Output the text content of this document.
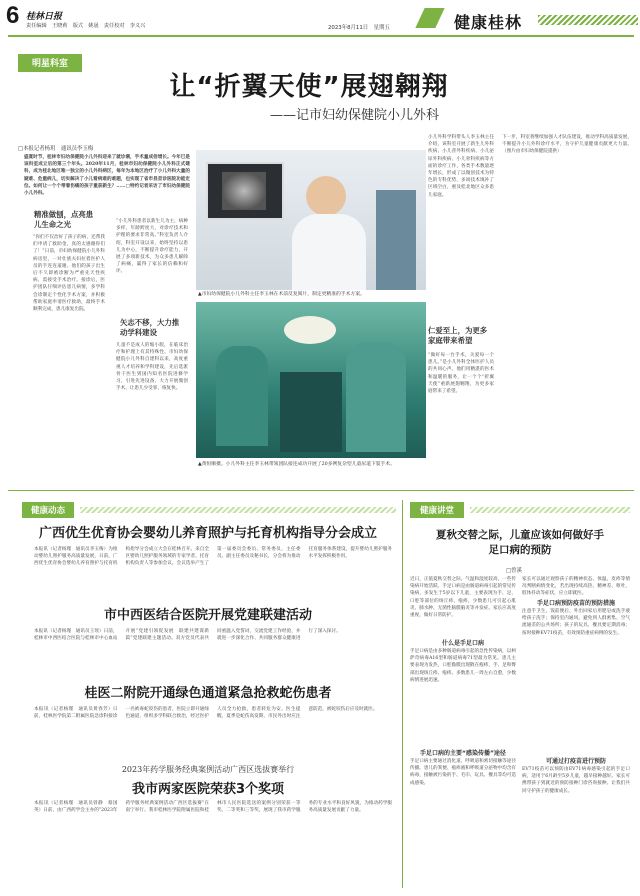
6 桂林日报
责任编辑　王晓莉　版式　姚晟　责任校对　李义兴	2023年8月11日　星期五	健康桂林
明星科室
让“折翼天使”展翅翱翔
——记市妇幼保健院小儿外科
□本报记者杨玥　通讯员李玉梅
盛夏时节，桂林市妇幼保健院小儿外科迎来了就诊潮，手术量成倍增长。今年已是该科室成立后的第三个年头。2020年11月，桂林市妇幼保健院小儿外科正式建科，成为桂北地区唯一独立的小儿外科病区，每年为本地区治疗了小儿外科大量的疑难、危重病儿，切实解决了小儿看病难的难题，也实现了省市县首诊医院功能定位。如何让一个个带着伤痛的孩子重获新生？……□特约记者采访了市妇幼保健院小儿外科。
精准做刨，点亮患儿生命之光
“你们不仅治好了孩子的病，还帮我们申请了救助金，真的太感谢你们了！”日前，市妇幼保健院小儿外科病房里，一对壮族夫妇拉着医护人员的手连连道谢。他们的孩子出生后不久即被诊断为严重先天性疾病，需接受手术治疗。接诊后，医护团队仔细评估患儿病情，多学科会诊制定个性化手术方案，并积极帮助家庭申请医疗救助，最终手术顺利完成，患儿康复出院。
“小儿外科患者以新生儿为主，病种多样，年龄跨度大，对诊疗技术和护理的要求非常高。”科室负责人介绍，科室开设以来，始终坚持以患儿为中心，不断提升诊疗能力，开展了多项新技术，为众多患儿解除了病痛，赢得了家长的信赖和好评。
矢志不移，大力推动学科建设
儿童不是成人的缩小版，在临床治疗和护理上有其特殊性。市妇幼保健院小儿外科自建科以来，高度重视人才培养和学科建设，先后选派骨干医生到国内知名医院进修学习，引进先进设备，大力开展微创手术，让患儿少受罪、恢复快。
▲市妇幼保健院小儿外科主任李玉林在术前反复阅片，制定更精准的手术方案。
▲黄恒顺摄。小儿外科主任李玉林带领团队接连成功开展了20多例复杂型儿童尿道下裂手术。
仁爱至上，为更多家庭带来希望
“做好每一台手术，关爱每一个患儿。”是小儿外科全体医护人员的共同心声。他们用精湛的医术和温暖的服务，让一个个“折翼天使”重新展翅翱翔，为更多家庭带来了希望。
小儿外科学科带头人李玉林主任介绍，该科室开展了新生儿外科疾病、小儿普外科疾病、小儿泌尿外科疾病、小儿骨科疾病等方面的诊疗工作，各类手术数量逐年增长，形成了以微创技术为特色的专科优势，多项技术填补了区域空白，惠及桂北地区众多患儿家庭。
下一步，科室将继续加强人才队伍建设，推动学科高质量发展，不断提升小儿外科诊疗水平，为守护儿童健康贡献更大力量。（图片由市妇幼保健院提供）
健康动态
广西优生优育协会婴幼儿养育照护与托育机构指导分会成立
本报讯（记者杨瑾　通讯员李玉梅）为推动婴幼儿照护服务高质量发展，日前，广西优生优育协会婴幼儿养育照护与托育机构指导分会成立大会在桂林召开。来自全区婴幼儿照护服务领域的专家学者、托育机构负责人等参加会议。会议选举产生了第一届委员会委员、常务委员、主任委员、副主任委员及秘书长，分会将为推动托育服务体系建设、提升婴幼儿照护服务水平发挥积极作用。
市中西医结合医院开展党建联建活动
本报讯（记者杨瑾　通讯员王瑶）日前，桂林市中西医结合医院与桂林市中心血站开展“党建引领促发展　联建共建谋新篇”党建联建主题活动。双方党员代表共同重温入党誓词，交流党建工作经验，并就进一步深化合作、共同服务群众健康进行了深入探讨。
桂医二附院开通绿色通道紧急抢救蛇伤患者
本报讯（记者杨瑾　通讯员黄春芳）日前，桂林医学院第二附属医院急诊科接诊一名被毒蛇咬伤的患者，医院立即开通绿色通道，组织多学科联合救治，经过医护人员全力抢救，患者转危为安。医生提醒，夏季是蛇伤高发期，市民外出时应注意防范，被蛇咬伤后应及时就医。
2023年药学服务经典案例活动广西区选拔赛举行
我市两家医院荣获3个奖项
本报讯（记者杨瑾　通讯员曾静　蔡国英）日前，由广西药学会主办的“2023年药学服务经典案例活动广西区选拔赛”在南宁举行。我市桂林医学院附属医院和桂林市人民医院选送的案例分别荣获一等奖、二等奖和三等奖，展现了我市药学服务的专业水平和良好风貌，为推动药学服务高质量发展贡献了力量。
健康讲堂
夏秋交替之际，儿童应该如何做好手足口病的预防
□曾溪
近日，正值夏秋交替之际，气温和湿度较高，一些传染病开始活跃。手足口病是由肠道病毒引起的常见传染病，多发生于5岁以下儿童，主要表现为手、足、口腔等部位的斑丘疹、疱疹，少数患儿可引起心肌炎、肺水肿、无菌性脑膜脑炎等并发症。家长应高度重视，做好日常防护。
什么是手足口病
手足口病是由多种肠道病毒引起的急性传染病，以柯萨奇病毒A16型和肠道病毒71型最为常见。患儿主要表现为发热，口腔黏膜出现散在疱疹，手、足和臀部出现斑丘疹、疱疹。多数患儿一周左右自愈，少数病情进展迅速。
手足口病的主要“感染传播”途径
手足口病主要通过消化道、呼吸道和密切接触等途径传播。患儿的粪便、疱疹液和呼吸道分泌物中均含有病毒，接触被污染的手、毛巾、玩具、餐具等均可造成感染。
家长可以通过观察孩子的精神状态、体温、皮疹等情况判断病情变化，若出现持续高热、精神差、呕吐、肢体抖动等症状，应立即就医。
手足口病预防疫苗的预防措施
注意手卫生，饭前便后、外出回家后用肥皂或洗手液给孩子洗手；保持室内通风，避免到人群密集、空气流通差的公共场所；孩子的玩具、餐具要定期消毒；按时接种EV71疫苗，有效预防重症病例的发生。
可通过打疫苗进行预防
EV71疫苗可以预防由EV71病毒感染引起的手足口病，适用于6月龄至5岁儿童，越早接种越好。家长可携带孩子到就近的预防接种门诊咨询接种。让我们共同守护孩子的健康成长。
